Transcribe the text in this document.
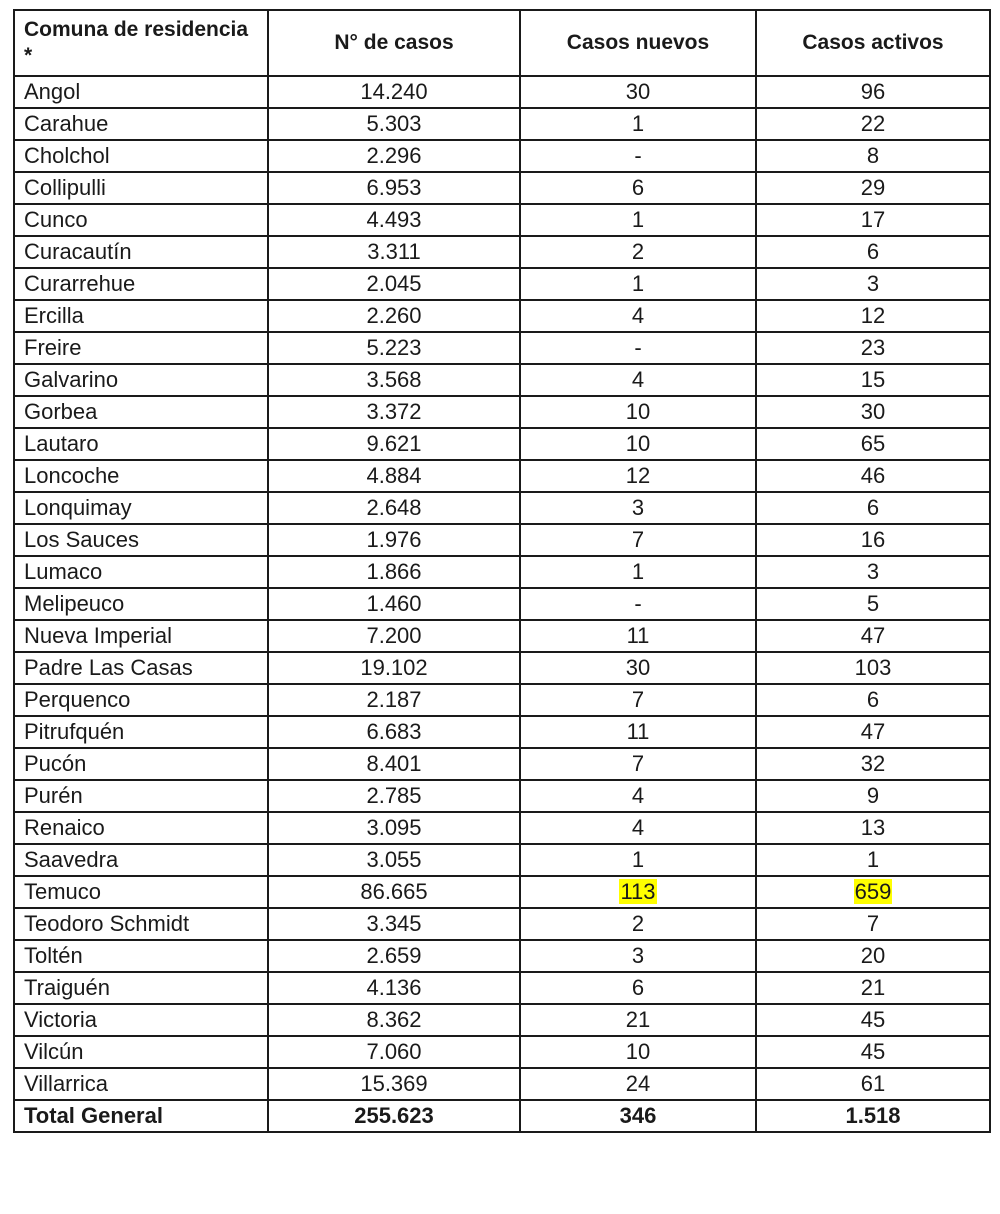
Comuna de residencia *	N° de casos	Casos nuevos	Casos activos
Angol	14.240	30	96
Carahue	5.303	1	22
Cholchol	2.296	-	8
Collipulli	6.953	6	29
Cunco	4.493	1	17
Curacautín	3.311	2	6
Curarrehue	2.045	1	3
Ercilla	2.260	4	12
Freire	5.223	-	23
Galvarino	3.568	4	15
Gorbea	3.372	10	30
Lautaro	9.621	10	65
Loncoche	4.884	12	46
Lonquimay	2.648	3	6
Los Sauces	1.976	7	16
Lumaco	1.866	1	3
Melipeuco	1.460	-	5
Nueva Imperial	7.200	11	47
Padre Las Casas	19.102	30	103
Perquenco	2.187	7	6
Pitrufquén	6.683	11	47
Pucón	8.401	7	32
Purén	2.785	4	9
Renaico	3.095	4	13
Saavedra	3.055	1	1
Temuco	86.665	113	659
Teodoro Schmidt	3.345	2	7
Toltén	2.659	3	20
Traiguén	4.136	6	21
Victoria	8.362	21	45
Vilcún	7.060	10	45
Villarrica	15.369	24	61
Total General	255.623	346	1.518
